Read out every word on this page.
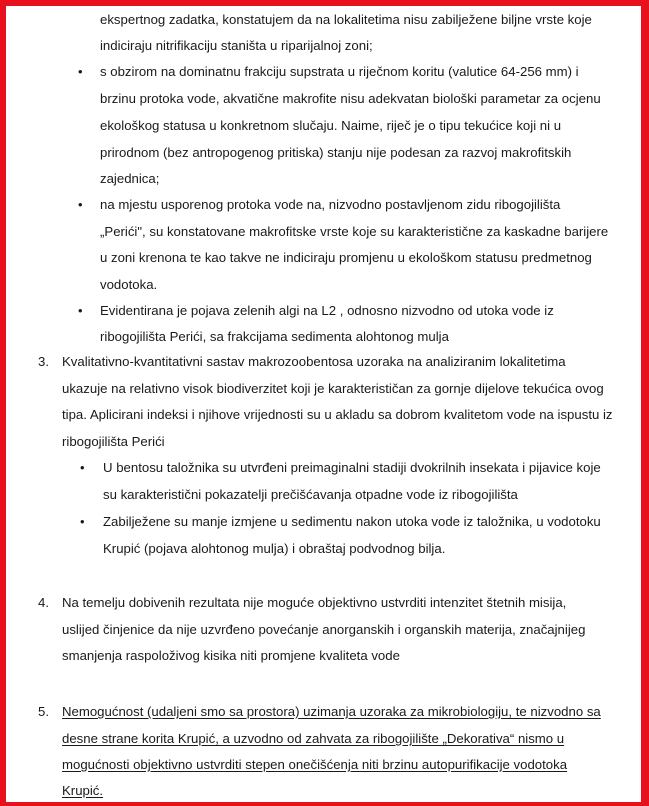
ekspertnog zadatka, konstatujem da na lokalitetima nisu zabilježene biljne vrste koje
indiciraju nitrifikaciju staništa u riparijalnoj zoni;
• s obzirom na dominatnu frakciju supstrata u riječnom koritu (valutice 64-256 mm) i
brzinu protoka vode, akvatične makrofite nisu adekvatan biološki parametar za ocjenu
ekološkog statusa u konkretnom slučaju. Naime, riječ je o tipu tekućice koji ni u
prirodnom (bez antropogenog pritiska) stanju nije podesan za razvoj makrofitskih
zajednica;
• na mjestu usporenog protoka vode na, nizvodno postavljenom zidu ribogojilišta
„Perići", su konstatovane makrofitske vrste koje su karakteristične za kaskadne barijere
u zoni krenona te kao takve ne indiciraju promjenu u ekološkom statusu predmetnog
vodotoka.
• Evidentirana je pojava zelenih algi na L2 , odnosno nizvodno od utoka vode iz
ribogojilišta Perići, sa frakcijama sedimenta alohtonog mulja
3. Kvalitativno-kvantitativni sastav makrozoobentosa uzoraka na analiziranim lokalitetima
ukazuje na relativno visok biodiverzitet koji je karakterističan za gornje dijelove tekućica ovog
tipa. Aplicirani indeksi i njihove vrijednosti su u akladu sa dobrom kvalitetom vode na ispustu iz
ribogojilišta Perići
• U bentosu taložnika su utvrđeni preimaginalni stadiji dvokrilnih insekata i pijavice koje
su karakteristični pokazatelji prečišćavanja otpadne vode iz ribogojilišta
• Zabilježene su manje izmjene u sedimentu nakon utoka vode iz taložnika, u vodotoku
Krupić (pojava alohtonog mulja) i obraštaj podvodnog bilja.
4. Na temelju dobivenih rezultata nije moguće objektivno ustvrditi intenzitet štetnih misija,
uslijed činjenice da nije uzvrđeno povećanje anorganskih i organskih materija, značajnijeg
smanjenja raspoloživog kisika niti promjene kvaliteta vode
5. Nemogućnost (udaljeni smo sa prostora) uzimanja uzoraka za mikrobiologiju, te nizvodno sa
desne strane korita Krupić, a uzvodno od zahvata za ribogojilište „Dekorativa“ nismo u
mogućnosti objektivno ustvrditi stepen onečišćenja niti brzinu autopurifikacije vodotoka
Krupić.
